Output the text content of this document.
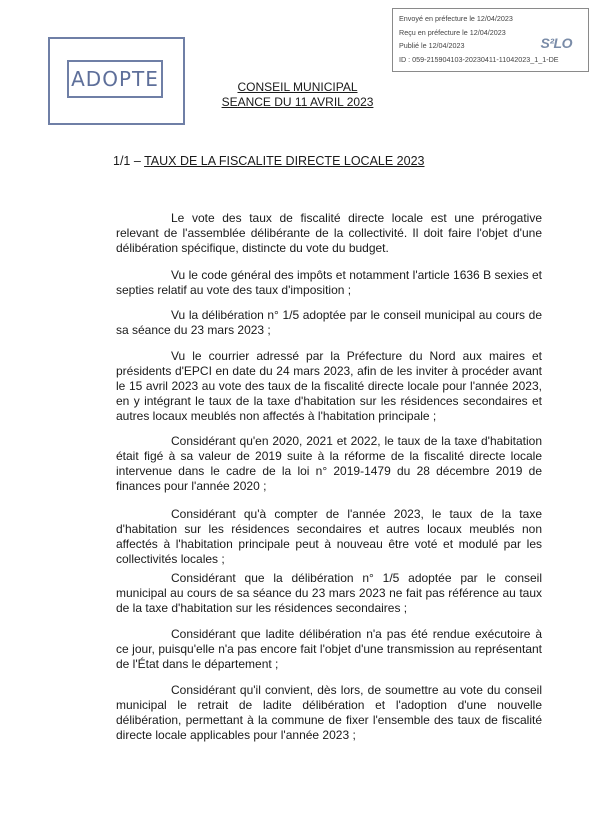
Envoyé en préfecture le 12/04/2023
Reçu en préfecture le 12/04/2023
Publié le 12/04/2023
ID : 059-215904103-20230411-11042023_1_1-DE
S²LO
ADOPTE	CONSEIL MUNICIPAL
SEANCE DU 11 AVRIL 2023
1/1 – TAUX DE LA FISCALITE DIRECTE LOCALE 2023

Le vote des taux de fiscalité directe locale est une prérogative relevant de l'assemblée délibérante de la collectivité. Il doit faire l'objet d'une délibération spécifique, distincte du vote du budget.

Vu le code général des impôts et notamment l'article 1636 B sexies et septies relatif au vote des taux d'imposition ;

Vu la délibération n° 1/5 adoptée par le conseil municipal au cours de sa séance du 23 mars 2023 ;

Vu le courrier adressé par la Préfecture du Nord aux maires et présidents d'EPCI en date du 24 mars 2023, afin de les inviter à procéder avant le 15 avril 2023 au vote des taux de la fiscalité directe locale pour l'année 2023, en y intégrant le taux de la taxe d'habitation sur les résidences secondaires et autres locaux meublés non affectés à l'habitation principale ;

Considérant qu'en 2020, 2021 et 2022, le taux de la taxe d'habitation était figé à sa valeur de 2019 suite à la réforme de la fiscalité directe locale intervenue dans le cadre de la loi n° 2019-1479 du 28 décembre 2019 de finances pour l'année 2020 ;

Considérant qu'à compter de l'année 2023, le taux de la taxe d'habitation sur les résidences secondaires et autres locaux meublés non affectés à l'habitation principale peut à nouveau être voté et modulé par les collectivités locales ;

Considérant que la délibération n° 1/5 adoptée par le conseil municipal au cours de sa séance du 23 mars 2023 ne fait pas référence au taux de la taxe d'habitation sur les résidences secondaires ;

Considérant que ladite délibération n'a pas été rendue exécutoire à ce jour, puisqu'elle n'a pas encore fait l'objet d'une transmission au représentant de l'État dans le département ;

Considérant qu'il convient, dès lors, de soumettre au vote du conseil municipal le retrait de ladite délibération et l'adoption d'une nouvelle délibération, permettant à la commune de fixer l'ensemble des taux de fiscalité directe locale applicables pour l'année 2023 ;
